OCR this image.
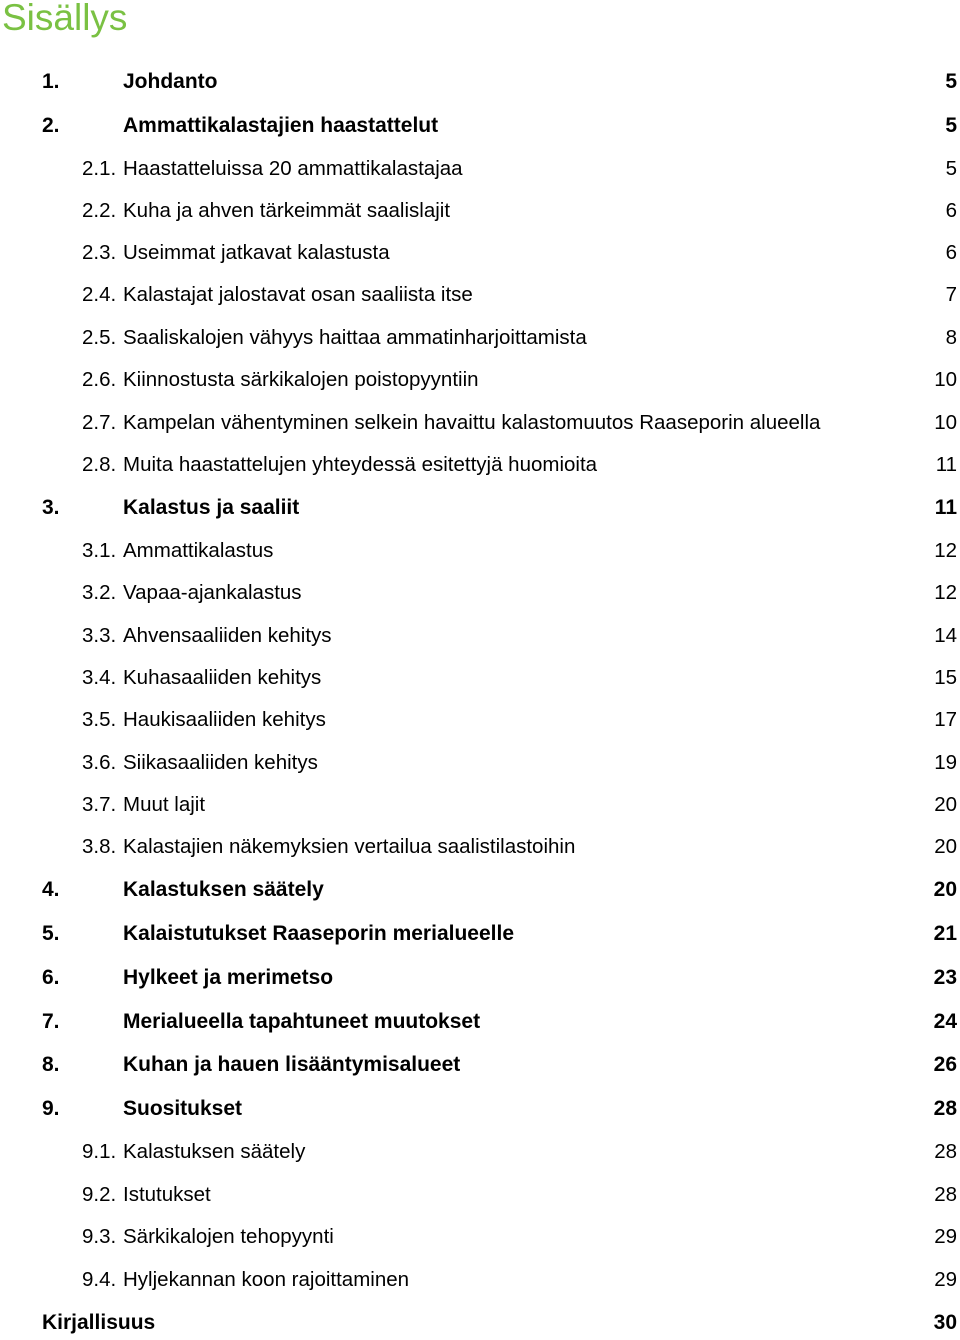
Sisällys
1.	Johdanto	5
2.	Ammattikalastajien haastattelut	5
2.1. Haastatteluissa 20 ammattikalastajaa	5
2.2. Kuha ja ahven tärkeimmät saalislajit	6
2.3. Useimmat jatkavat kalastusta	6
2.4. Kalastajat jalostavat osan saaliista itse	7
2.5. Saaliskalojen vähyys haittaa ammatinharjoittamista	8
2.6. Kiinnostusta särkikalojen poistopyyntiin	10
2.7. Kampelan vähentyminen selkein havaittu kalastomuutos Raaseporin alueella	10
2.8. Muita haastattelujen yhteydessä esitettyjä huomioita	11
3.	Kalastus ja saaliit	11
3.1. Ammattikalastus	12
3.2. Vapaa-ajankalastus	12
3.3. Ahvensaaliiden kehitys	14
3.4. Kuhasaaliiden kehitys	15
3.5. Haukisaaliiden kehitys	17
3.6. Siikasaaliiden kehitys	19
3.7. Muut lajit	20
3.8. Kalastajien näkemyksien vertailua saalistilastoihin	20
4.	Kalastuksen säätely	20
5.	Kalaistutukset Raaseporin merialueelle	21
6.	Hylkeet ja merimetso	23
7.	Merialueella tapahtuneet muutokset	24
8.	Kuhan ja hauen lisääntymisalueet	26
9.	Suositukset	28
9.1. Kalastuksen säätely	28
9.2. Istutukset	28
9.3. Särkikalojen tehopyynti	29
9.4. Hyljekannan koon rajoittaminen	29
Kirjallisuus	30
